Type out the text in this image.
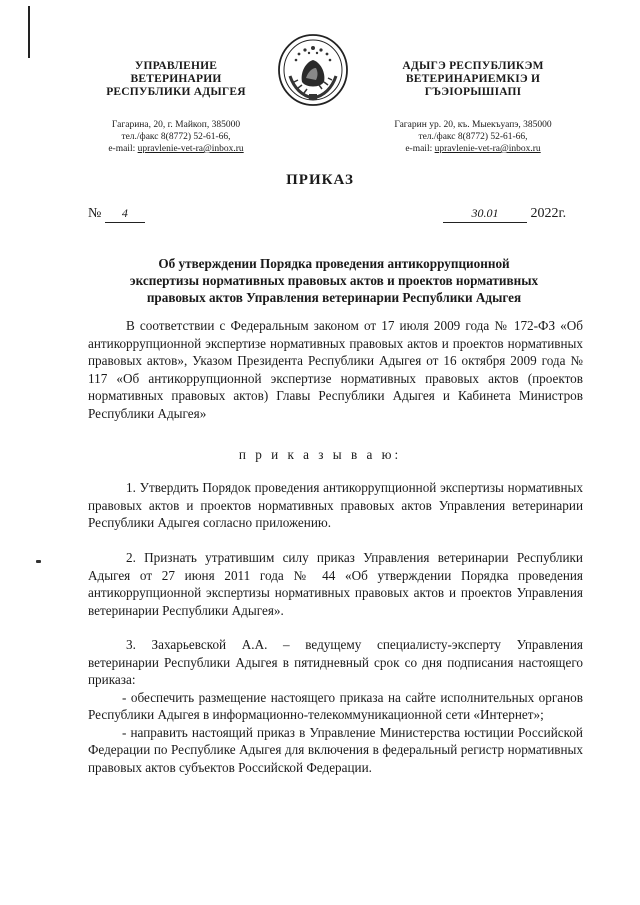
УПРАВЛЕНИЕ
ВЕТЕРИНАРИИ
РЕСПУБЛИКИ АДЫГЕЯ
Гагарина, 20, г. Майкоп, 385000
тел./факс 8(8772) 52-61-66,
e-mail: upravlenie-vet-ra@inbox.ru
АДЫГЭ РЕСПУБЛИКЭМ
ВЕТЕРИНАРИЕМКIЭ И
ГЪЭIОРЫШIАПI
Гагарин ур. 20, къ. Мыекъуапэ, 385000
тел./факс 8(8772) 52-61-66,
e-mail: upravlenie-vet-ra@inbox.ru
ПРИКАЗ
№ 4	30.01 2022г.
Об утверждении Порядка проведения антикоррупционной
экспертизы нормативных правовых актов и проектов нормативных
правовых актов Управления ветеринарии Республики Адыгея

В соответствии с Федеральным законом от 17 июля 2009 года № 172-ФЗ «Об антикоррупционной экспертизе нормативных правовых актов и проектов нормативных правовых актов», Указом Президента Республики Адыгея от 16 октября 2009 года № 117 «Об антикоррупционной экспертизе нормативных правовых актов (проектов нормативных правовых актов) Главы Республики Адыгея и Кабинета Министров Республики Адыгея»

п р и к а з ы в а ю:

1. Утвердить Порядок проведения антикоррупционной экспертизы нормативных правовых актов и проектов нормативных правовых актов Управления ветеринарии Республики Адыгея согласно приложению.

2. Признать утратившим силу приказ Управления ветеринарии Республики Адыгея от 27 июня 2011 года № 44 «Об утверждении Порядка проведения антикоррупционной экспертизы нормативных правовых актов и проектов Управления ветеринарии Республики Адыгея».

3. Захарьевской А.А. – ведущему специалисту-эксперту Управления ветеринарии Республики Адыгея в пятидневный срок со дня подписания настоящего приказа:

- обеспечить размещение настоящего приказа на сайте исполнительных органов Республики Адыгея в информационно-телекоммуникационной сети «Интернет»;

- направить настоящий приказ в Управление Министерства юстиции Российской Федерации по Республике Адыгея для включения в федеральный регистр нормативных правовых актов субъектов Российской Федерации.
